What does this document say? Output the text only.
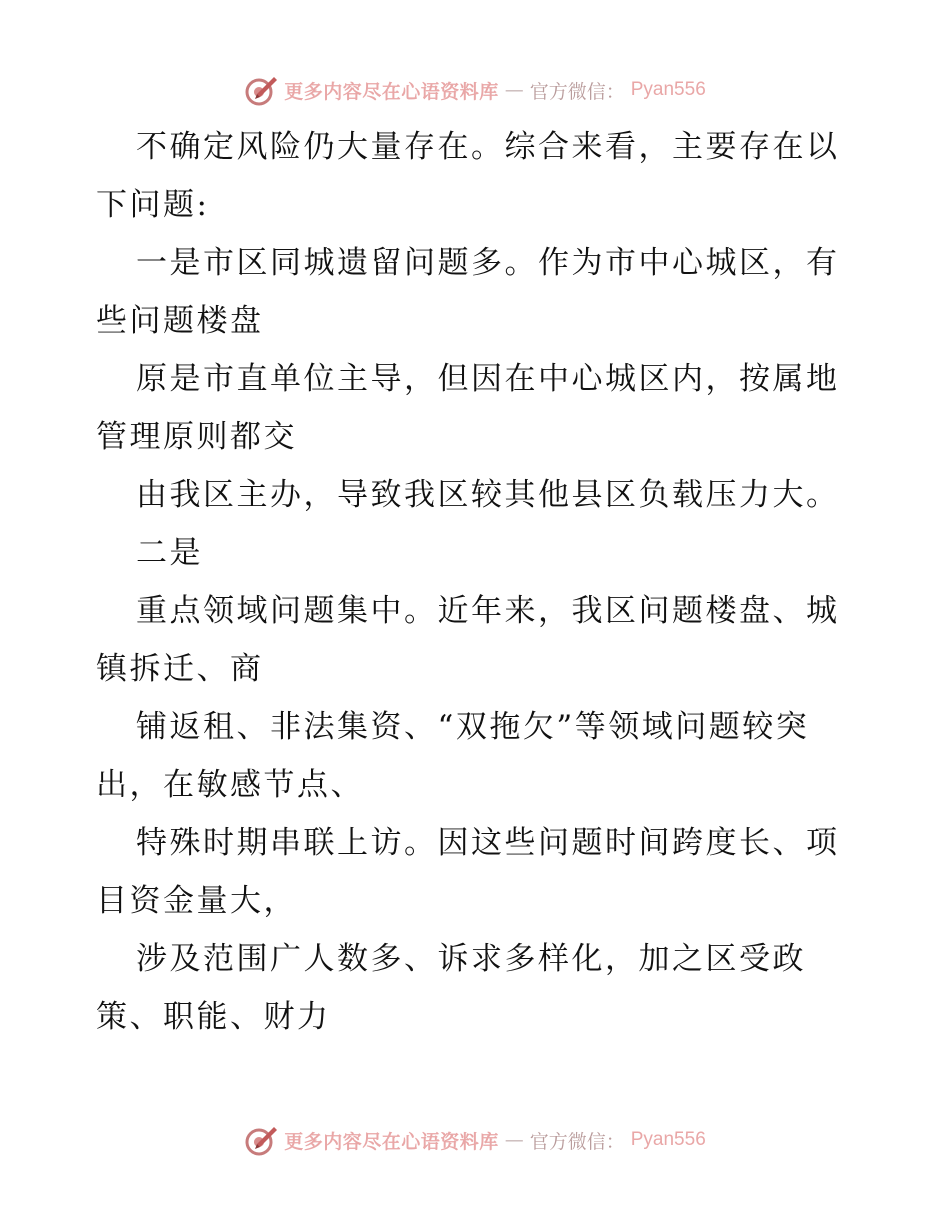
更多内容尽在心语资料库 — 官方微信： Pyan556
不确定风险仍大量存在。综合来看，主要存在以
下问题:
一是市区同城遗留问题多。作为市中心城区，有
些问题楼盘
原是市直单位主导，但因在中心城区内，按属地
管理原则都交
由我区主办，导致我区较其他县区负载压力大。
二是
重点领域问题集中。近年来，我区问题楼盘、城
镇拆迁、商
铺返租、非法集资、“双拖欠”等领域问题较突
出，在敏感节点、
特殊时期串联上访。因这些问题时间跨度长、项
目资金量大，
涉及范围广人数多、诉求多样化，加之区受政
策、职能、财力
更多内容尽在心语资料库 — 官方微信： Pyan556
